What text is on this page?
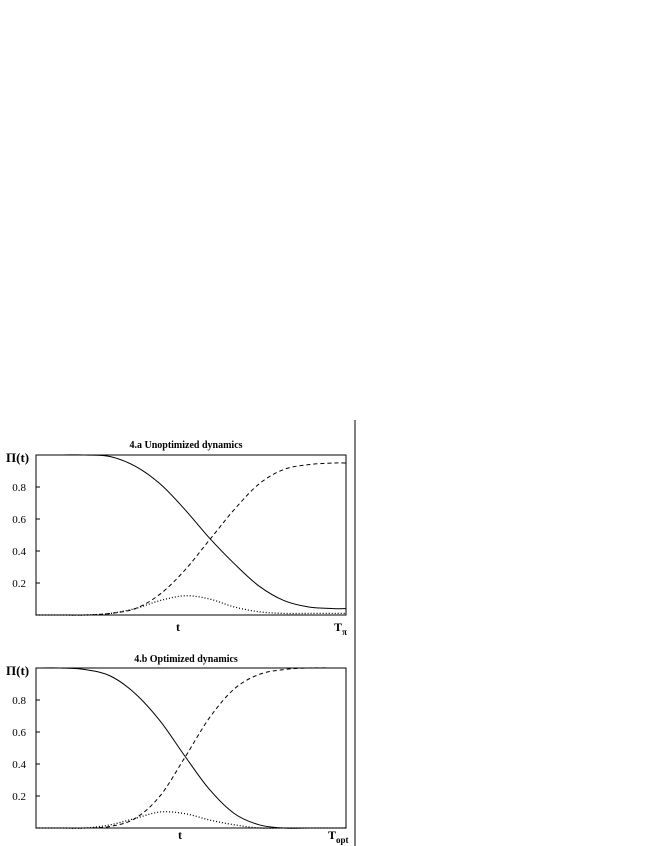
4.a Unoptimized dynamics
Π(t)
0.2
0.4
0.6
0.8
t	$T_\pi$
4.b Optimized dynamics
Π(t)
0.2
0.4
0.6
0.8
t	$T_{opt}$
